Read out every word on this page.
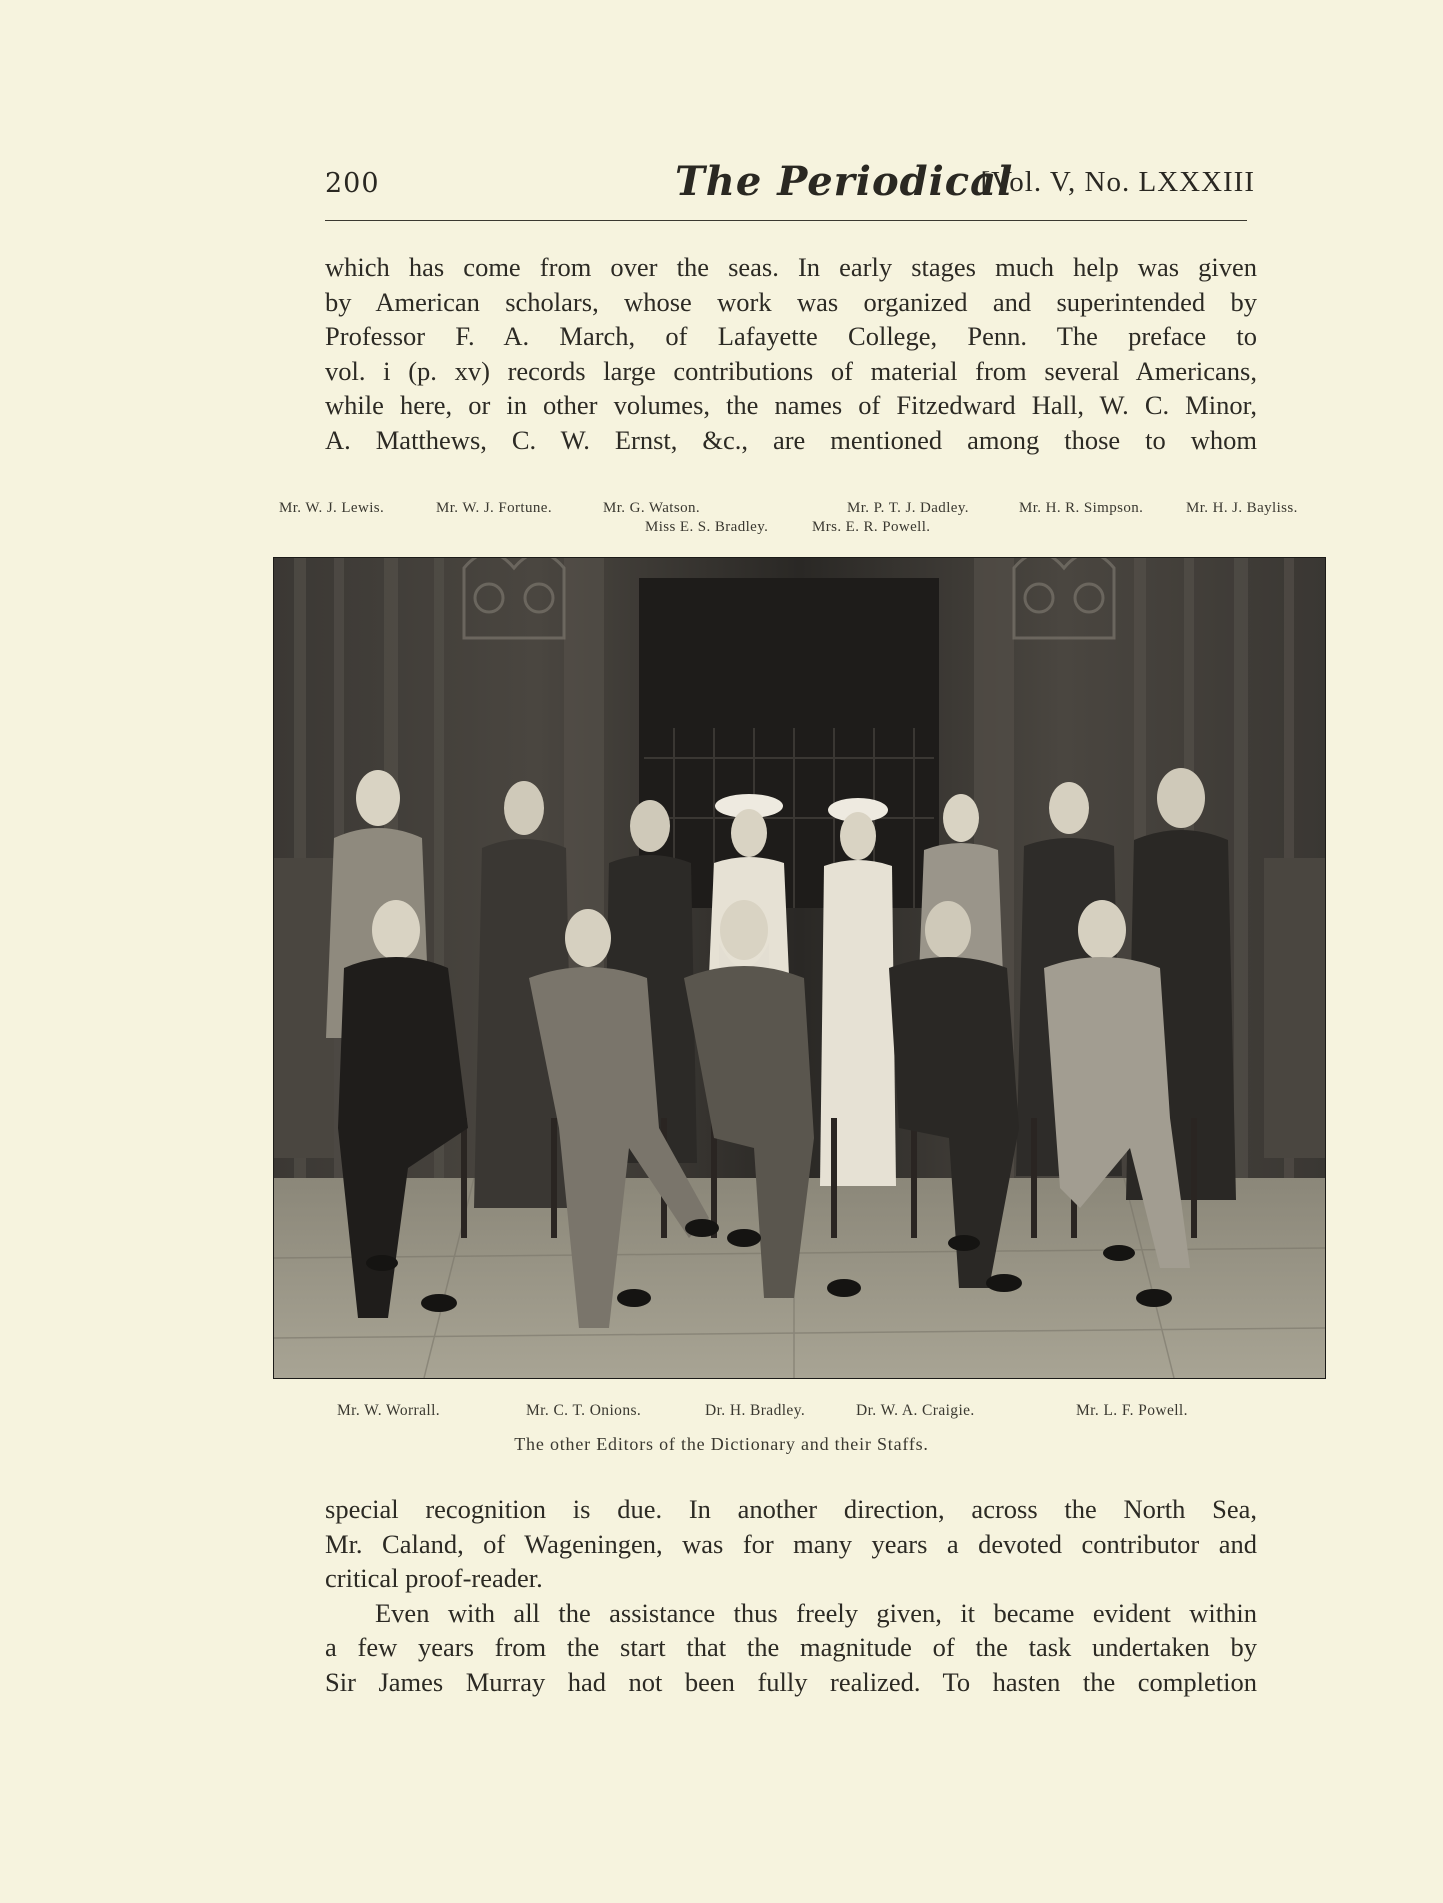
200	The Periodical
[Vol. V, No. LXXXIII
which has come from over the seas. In early stages much help was given
by American scholars, whose work was organized and superintended by
Professor F. A. March, of Lafayette College, Penn. The preface to
vol. i (p. xv) records large contributions of material from several Americans,
while here, or in other volumes, the names of Fitzedward Hall, W. C. Minor,
A. Matthews, C. W. Ernst, &c., are mentioned among those to whom
Mr. W. J. Lewis.	Mr. W. J. Fortune.	Mr. G. Watson.	Mr. P. T. J. Dadley.	Mr. H. R. Simpson.	Mr. H. J. Bayliss.
Miss E. S. Bradley.	Mrs. E. R. Powell.
Mr. W. Worrall.	Mr. C. T. Onions.	Dr. H. Bradley.	Dr. W. A. Craigie.	Mr. L. F. Powell.
The other Editors of the Dictionary and their Staffs.
special recognition is due. In another direction, across the North Sea,
Mr. Caland, of Wageningen, was for many years a devoted contributor and
critical proof-reader.
Even with all the assistance thus freely given, it became evident within
a few years from the start that the magnitude of the task undertaken by
Sir James Murray had not been fully realized. To hasten the completion
